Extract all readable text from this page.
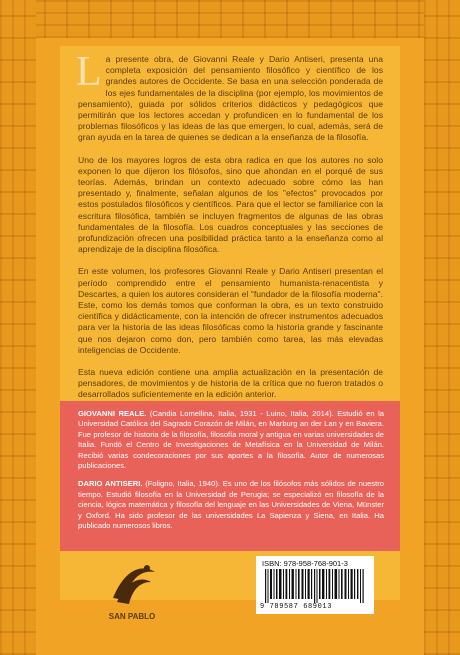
La presente obra, de Giovanni Reale y Dario Antiseri, presenta una completa exposición del pensamiento filosófico y científico de los grandes autores de Occidente. Se basa en una selección ponderada de los ejes fundamentales de la disciplina (por ejemplo, los movimientos de pensamiento), guiada por sólidos criterios didácticos y pedagógicos que permitirán que los lectores accedan y profundicen en lo fundamental de los problemas filosóficos y las ideas de las que emergen, lo cual, además, será de gran ayuda en la tarea de quienes se dedican a la enseñanza de la filosofía.

Uno de los mayores logros de esta obra radica en que los autores no solo exponen lo que dijeron los filósofos, sino que ahondan en el porqué de sus teorías. Además, brindan un contexto adecuado sobre cómo las han presentado y, finalmente, señalan algunos de los "efectos" provocados por estos postulados filosóficos y científicos. Para que el lector se familiarice con la escritura filosófica, también se incluyen fragmentos de algunas de las obras fundamentales de la filosofía. Los cuadros conceptuales y las secciones de profundización ofrecen una posibilidad práctica tanto a la enseñanza como al aprendizaje de la disciplina filosófica.

En este volumen, los profesores Giovanni Reale y Dario Antiseri presentan el período comprendido entre el pensamiento humanista-renacentista y Descartes, a quien los autores consideran el "fundador de la filosofía moderna". Este, como los demás tomos que conforman la obra, es un texto construido científica y didácticamente, con la intención de ofrecer instrumentos adecuados para ver la historia de las ideas filosóficas como la historia grande y fascinante que nos dejaron como don, pero también como tarea, las más elevadas inteligencias de Occidente.

Esta nueva edición contiene una amplia actualización en la presentación de pensadores, de movimientos y de historia de la crítica que no fueron tratados o desarrollados suficientemente en la edición anterior.

GIOVANNI REALE. (Candia Lomellina, Italia, 1931 - Luino, Italia, 2014). Estudió en la Universidad Católica del Sagrado Corazón de Milán, en Marburg an der Lan y en Baviera. Fue profesor de historia de la filosofía, filosofía moral y antigua en varias universidades de Italia. Fundó el Centro de Investigaciones de Metafísica en la Universidad de Milán. Recibió varias condecoraciones por sus aportes a la filosofía. Autor de numerosas publicaciones.

DARIO ANTISERI. (Foligno, Italia, 1940). Es uno de los filósofos más sólidos de nuestro tiempo. Estudió filosofía en la Universidad de Perugia; se especializó en filosofía de la ciencia, lógica matemática y filosofía del lenguaje en las Universidades de Viena, Münster y Oxford. Ha sido profesor de las universidades La Sapienza y Siena, en Italia. Ha publicado numerosos libros.

SAN PABLO
ISBN: 978-958-768-901-3
9 789587 689013
